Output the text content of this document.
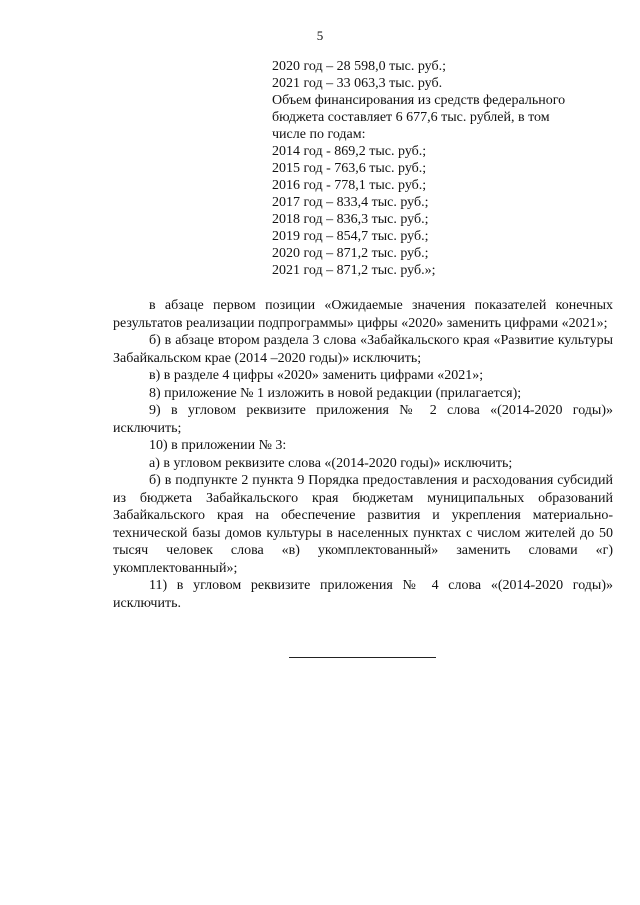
5
2020 год – 28 598,0 тыс. руб.;
2021 год – 33 063,3 тыс. руб.
Объем финансирования из средств федерального
бюджета составляет 6 677,6 тыс. рублей, в том
числе по годам:
2014 год - 869,2 тыс. руб.;
2015 год - 763,6 тыс. руб.;
2016 год - 778,1 тыс. руб.;
2017 год – 833,4 тыс. руб.;
2018 год – 836,3 тыс. руб.;
2019 год – 854,7 тыс. руб.;
2020 год – 871,2 тыс. руб.;
2021 год – 871,2 тыс. руб.»;

в абзаце первом позиции «Ожидаемые значения показателей конечных результатов реализации подпрограммы» цифры «2020» заменить цифрами «2021»;

б) в абзаце втором раздела 3 слова «Забайкальского края «Развитие культуры Забайкальском крае (2014 –2020 годы)» исключить;

в) в разделе 4 цифры «2020» заменить цифрами «2021»;

8) приложение № 1 изложить в новой редакции (прилагается);

9) в угловом реквизите приложения № 2 слова «(2014-2020 годы)» исключить;

10) в приложении № 3:

а) в угловом реквизите слова «(2014-2020 годы)» исключить;

б) в подпункте 2 пункта 9 Порядка предоставления и расходования субсидий из бюджета Забайкальского края бюджетам муниципальных образований Забайкальского края на обеспечение развития и укрепления материально-технической базы домов культуры в населенных пунктах с числом жителей до 50 тысяч человек слова «в) укомплектованный» заменить словами «г) укомплектованный»;

11) в угловом реквизите приложения № 4 слова «(2014-2020 годы)» исключить.
